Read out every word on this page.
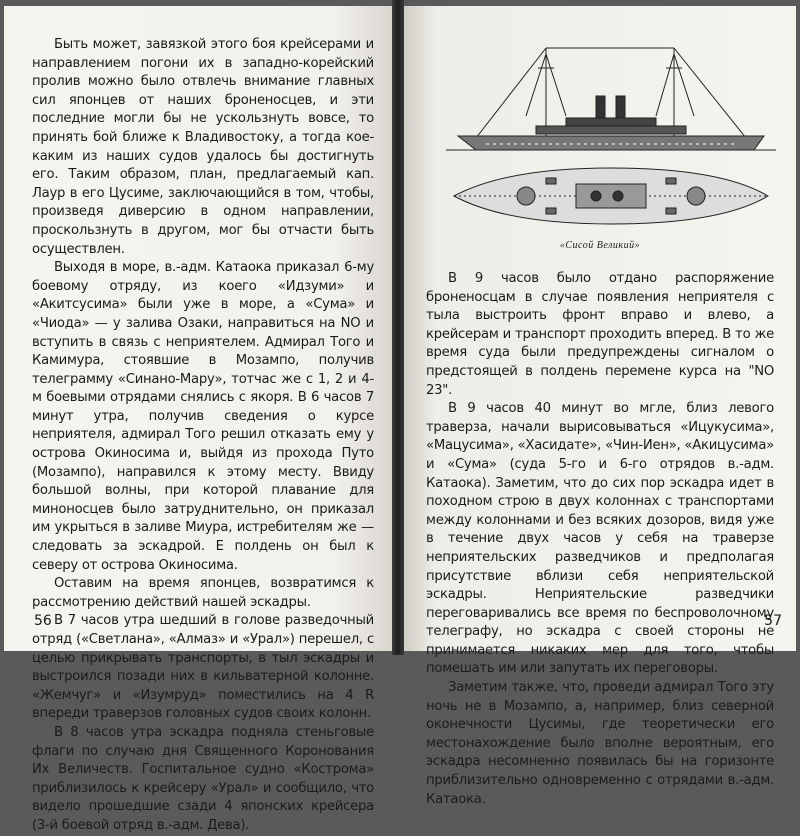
Быть может, завязкой этого боя крейсерами и направлением погони их в западно-корейский пролив можно было отвлечь внимание главных сил японцев от наших броненосцев, и эти последние могли бы не ускользнуть вовсе, то принять бой ближе к Владивостоку, а тогда кое-каким из наших судов удалось бы достигнуть его. Таким образом, план, предлагаемый кап. Лаур в его Цусиме, заключающийся в том, чтобы, произведя диверсию в одном направлении, проскользнуть в другом, мог бы отчасти быть осуществлен.

Выходя в море, в.-адм. Катаока приказал 6-му боевому отряду, из коего «Идзуми» и «Акитсусима» были уже в море, а «Сума» и «Чиода» — у залива Озаки, направиться на NO и вступить в связь с неприятелем. Адмирал Того и Камимура, стоявшие в Мозампо, получив телеграмму «Синано-Мару», тотчас же с 1, 2 и 4-м боевыми отрядами снялись с якоря. В 6 часов 7 минут утра, получив сведения о курсе неприятеля, адмирал Того решил отказать ему у острова Окиносима и, выйдя из прохода Путо (Мозампо), направился к этому месту. Ввиду большой волны, при которой плавание для миноносцев было затруднительно, он приказал им укрыться в заливе Миура, истребителям же — следовать за эскадрой. Е полдень он был к северу от острова Окиносима.

Оставим на время японцев, возвратимся к рассмотрению действий нашей эскадры.

В 7 часов утра шедший в голове разведочный отряд («Светлана», «Алмаз» и «Урал») перешел, с целью прикрывать транспорты, в тыл эскадры и выстроился позади них в кильватерной колонне. «Жемчуг» и «Изумруд» поместились на 4 R впереди траверзов головных судов своих колонн.

В 8 часов утра эскадра подняла стеньговые флаги по случаю дня Священного Коронования Их Величеств. Госпитальное судно «Кострома» приблизилось к крейсеру «Урал» и сообщило, что видело прошедшие сзади 4 японских крейсера (3-й боевой отряд в.-адм. Дева).

56
«Сисой Великий»

В 9 часов было отдано распоряжение броненосцам в случае появления неприятеля с тыла выстроить фронт вправо и влево, а крейсерам и транспорт проходить вперед. В то же время суда были предупреждены сигналом о предстоящей в полдень перемене курса на "NO 23".

В 9 часов 40 минут во мгле, близ левого траверза, начали вырисовываться «Ицукусима», «Мацусима», «Хасидате», «Чин-Иен», «Акицусима» и «Сума» (суда 5-го и 6-го отрядов в.-адм. Катаока). Заметим, что до сих пор эскадра идет в походном строю в двух колоннах с транспортами между колоннами и без всяких дозоров, видя уже в течение двух часов у себя на траверзе неприятельских разведчиков и предполагая присутствие вблизи себя неприятельской эскадры. Неприятельские разведчики переговаривались все время по беспроволочному телеграфу, но эскадра с своей стороны не принимается никаких мер для того, чтобы помешать им или запутать их переговоры.

Заметим также, что, проведи адмирал Того эту ночь не в Мозампо, а, например, близ северной оконечности Цусимы, где теоретически его местонахождение было вполне вероятным, его эскадра несомненно появилась бы на горизонте приблизительно одновременно с отрядами в.-адм. Катаока.

57
